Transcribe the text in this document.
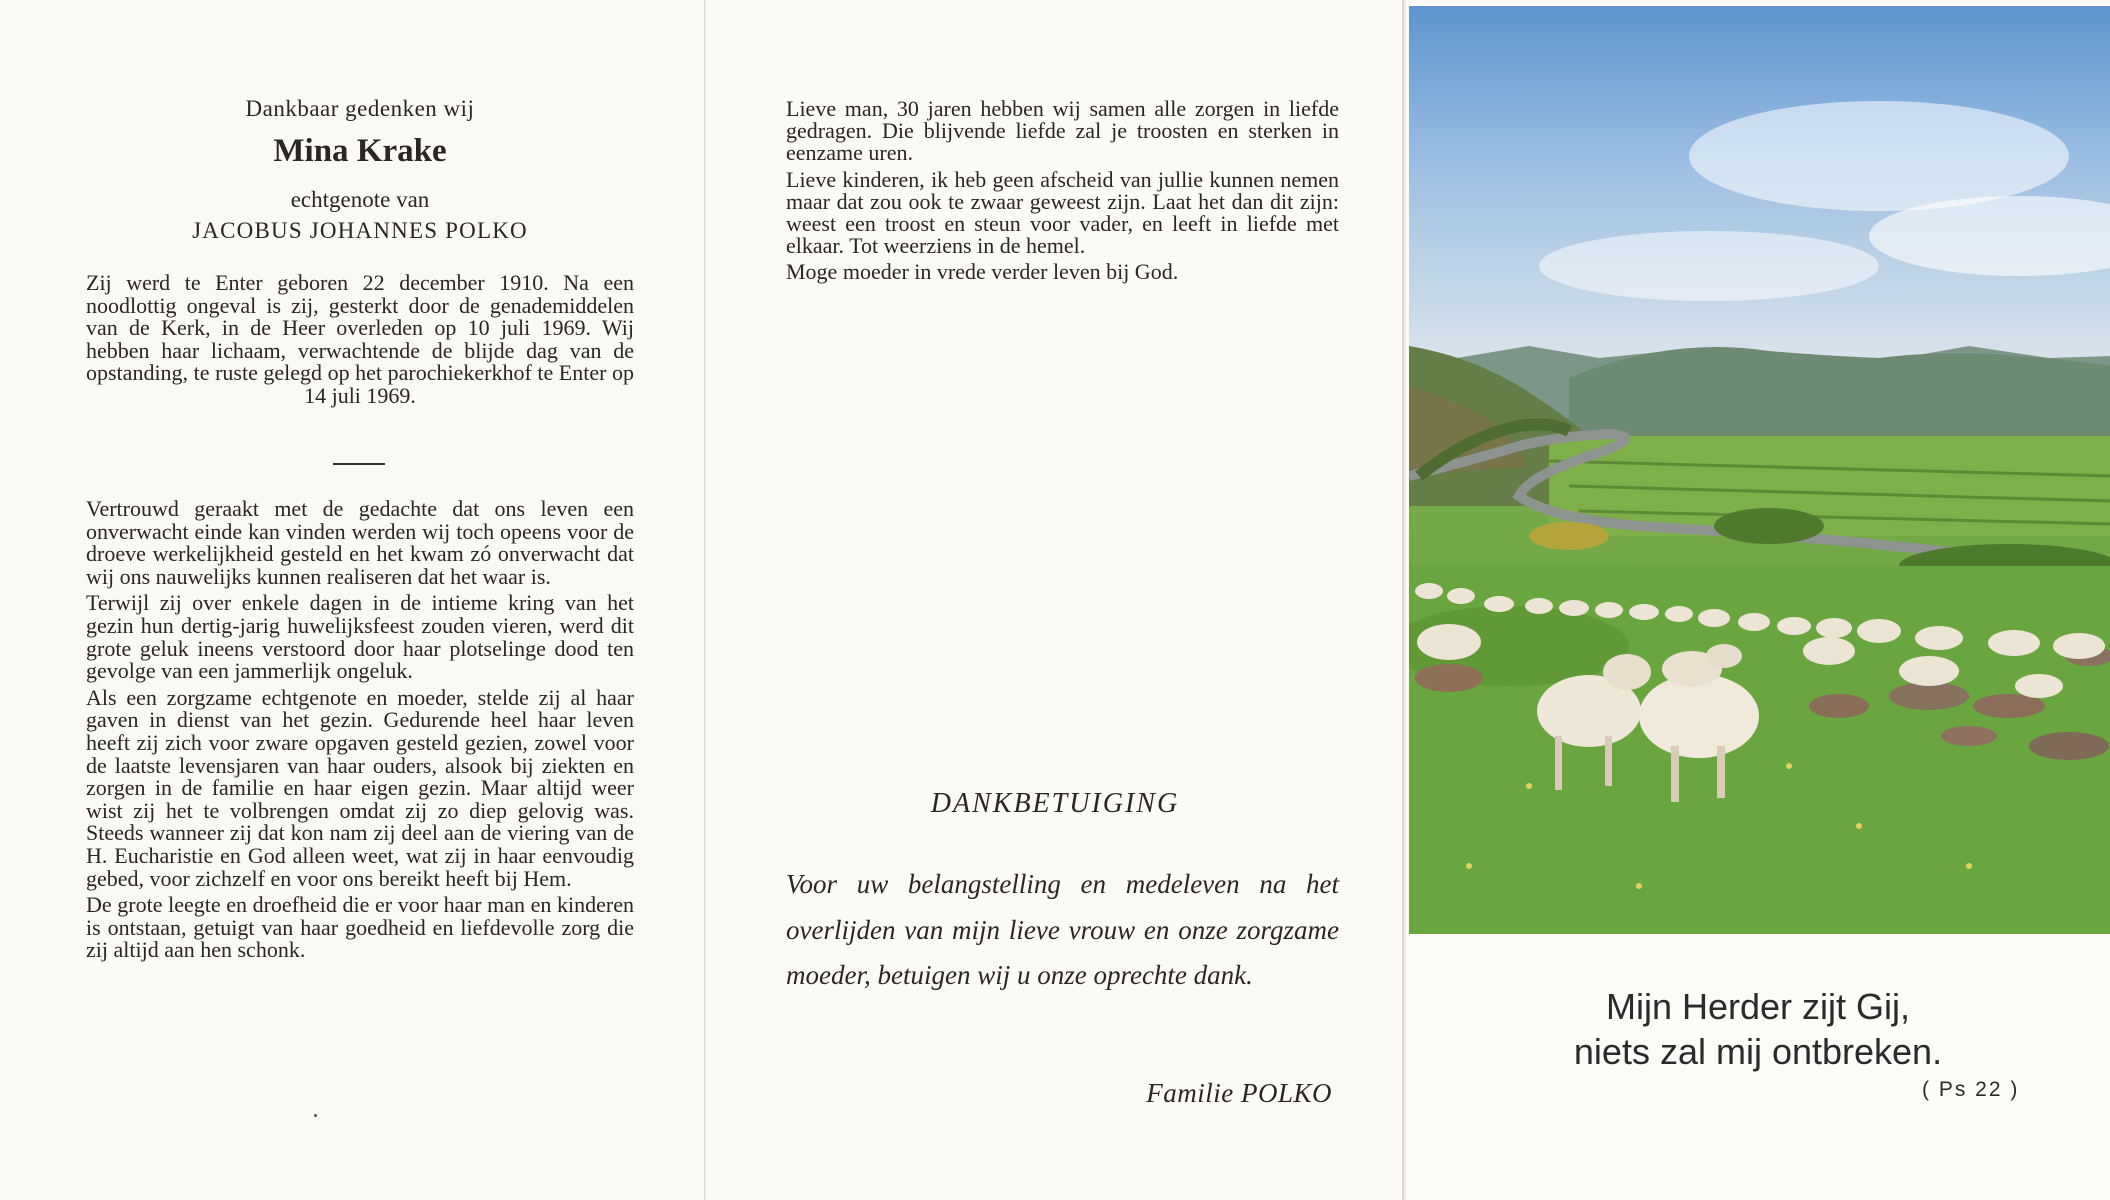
Dankbaar gedenken wij
Mina Krake
echtgenote van
JACOBUS JOHANNES POLKO
Zij werd te Enter geboren 22 december 1910. Na een noodlottig ongeval is zij, gesterkt door de genademiddelen van de Kerk, in de Heer overleden op 10 juli 1969. Wij hebben haar lichaam, verwachtende de blijde dag van de opstanding, te ruste gelegd op het parochiekerkhof te Enter op 14 juli 1969.

Vertrouwd geraakt met de gedachte dat ons leven een onverwacht einde kan vinden werden wij toch opeens voor de droeve werkelijkheid gesteld en het kwam zó onverwacht dat wij ons nauwelijks kunnen realiseren dat het waar is.

Terwijl zij over enkele dagen in de intieme kring van het gezin hun dertig-jarig huwelijksfeest zouden vieren, werd dit grote geluk ineens verstoord door haar plotselinge dood ten gevolge van een jammerlijk ongeluk.

Als een zorgzame echtgenote en moeder, stelde zij al haar gaven in dienst van het gezin. Gedurende heel haar leven heeft zij zich voor zware opgaven gesteld gezien, zowel voor de laatste levensjaren van haar ouders, alsook bij ziekten en zorgen in de familie en haar eigen gezin. Maar altijd weer wist zij het te volbrengen omdat zij zo diep gelovig was. Steeds wanneer zij dat kon nam zij deel aan de viering van de H. Eucharistie en God alleen weet, wat zij in haar eenvoudig gebed, voor zichzelf en voor ons bereikt heeft bij Hem.

De grote leegte en droefheid die er voor haar man en kinderen is ontstaan, getuigt van haar goedheid en liefdevolle zorg die zij altijd aan hen schonk.

Lieve man, 30 jaren hebben wij samen alle zorgen in liefde gedragen. Die blijvende liefde zal je troosten en sterken in eenzame uren.

Lieve kinderen, ik heb geen afscheid van jullie kunnen nemen maar dat zou ook te zwaar geweest zijn. Laat het dan dit zijn: weest een troost en steun voor vader, en leeft in liefde met elkaar. Tot weerziens in de hemel.

Moge moeder in vrede verder leven bij God.

DANKBETUIGING
Voor uw belangstelling en medeleven na het overlijden van mijn lieve vrouw en onze zorgzame moeder, betuigen wij u onze oprechte dank.
Familie POLKO
Mijn Herder zijt Gij,
niets zal mij ontbreken.
( Ps 22 )
